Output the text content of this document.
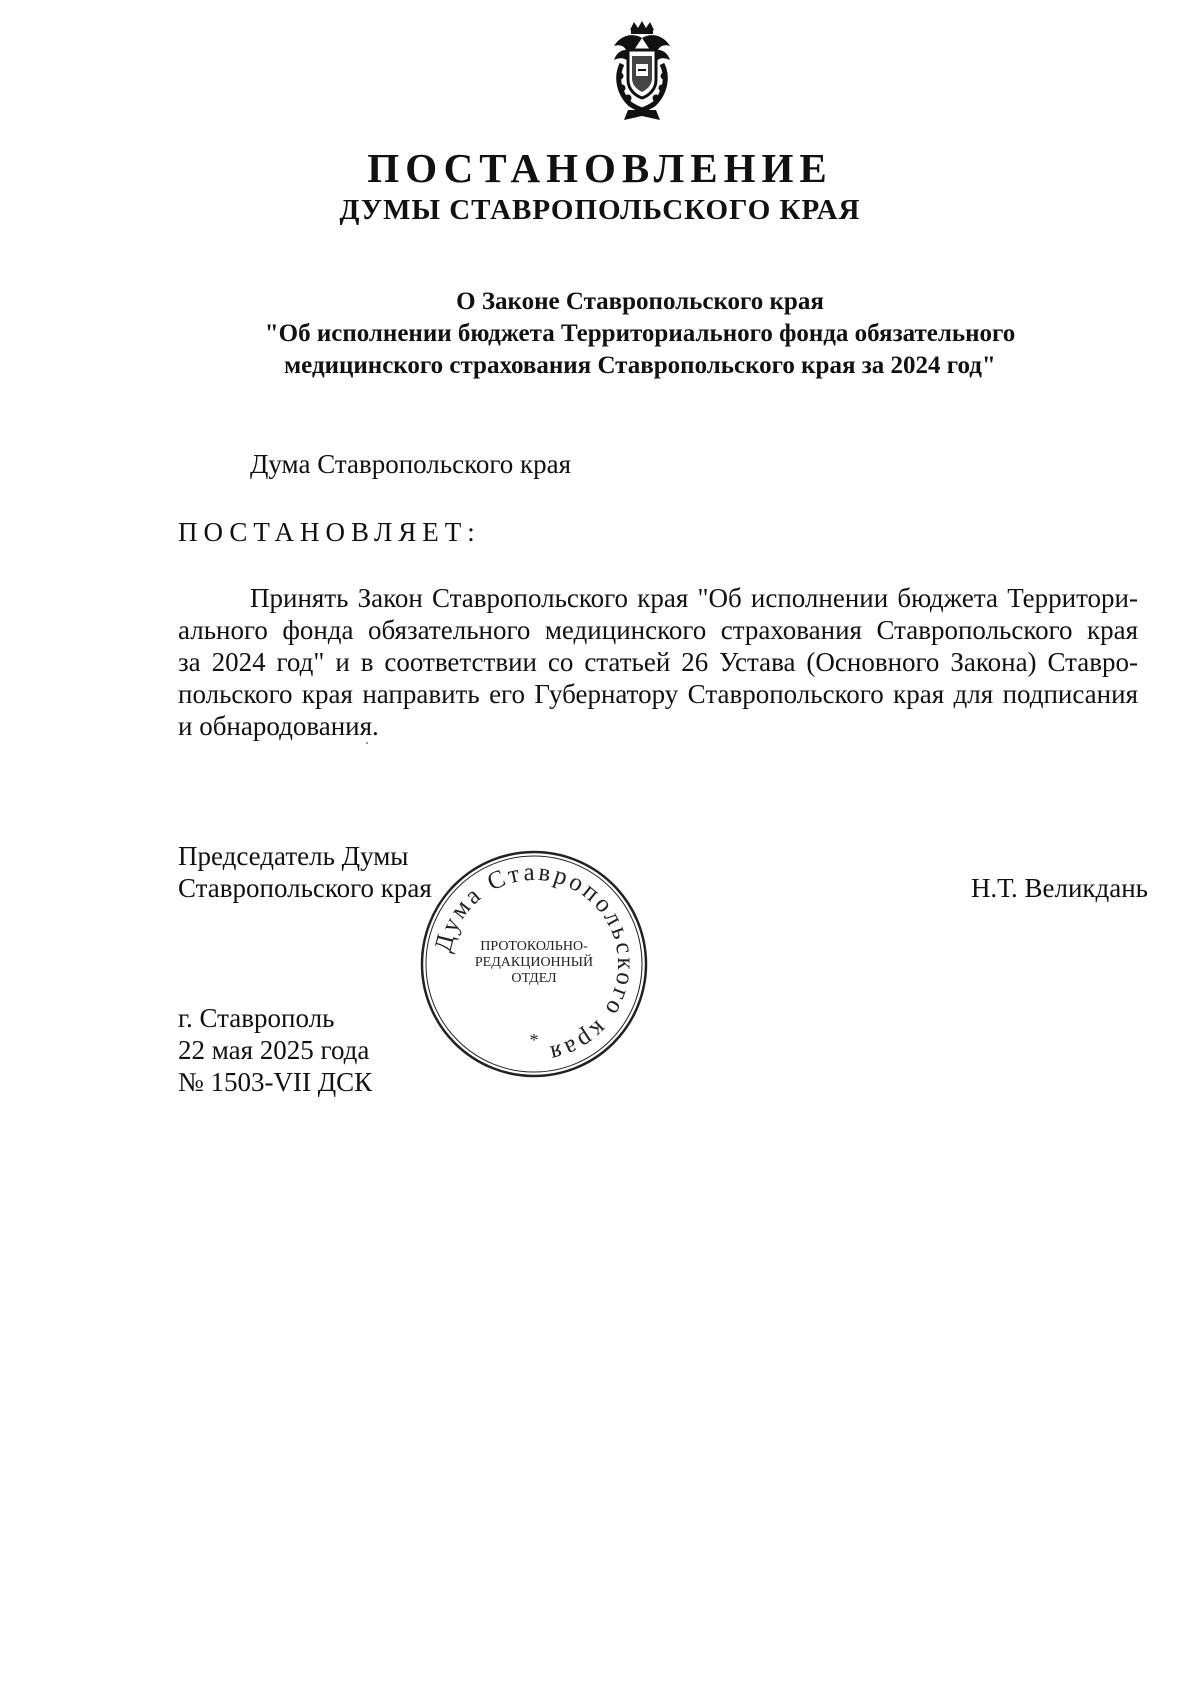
ПОСТАНОВЛЕНИЕ
ДУМЫ СТАВРОПОЛЬСКОГО КРАЯ
О Законе Ставропольского края
"Об исполнении бюджета Территориального фонда обязательного
медицинского страхования Ставропольского края за 2024 год"
Дума Ставропольского края
ПОСТАНОВЛЯЕТ:
Принять Закон Ставропольского края "Об исполнении бюджета Территори-
ального фонда обязательного медицинского страхования Ставропольского края
за 2024 год" и в соответствии со статьей 26 Устава (Основного Закона) Ставро-
польского края направить его Губернатору Ставропольского края для подписания
и обнародования.
Председатель Думы
Ставропольского края	Н.Т. Великдань
г. Ставрополь
22 мая 2025 года
№ 1503-VII ДСК
Дума Ставропольского края
ПРОТОКОЛЬНО-
РЕДАКЦИОННЫЙ
ОТДЕЛ
*
